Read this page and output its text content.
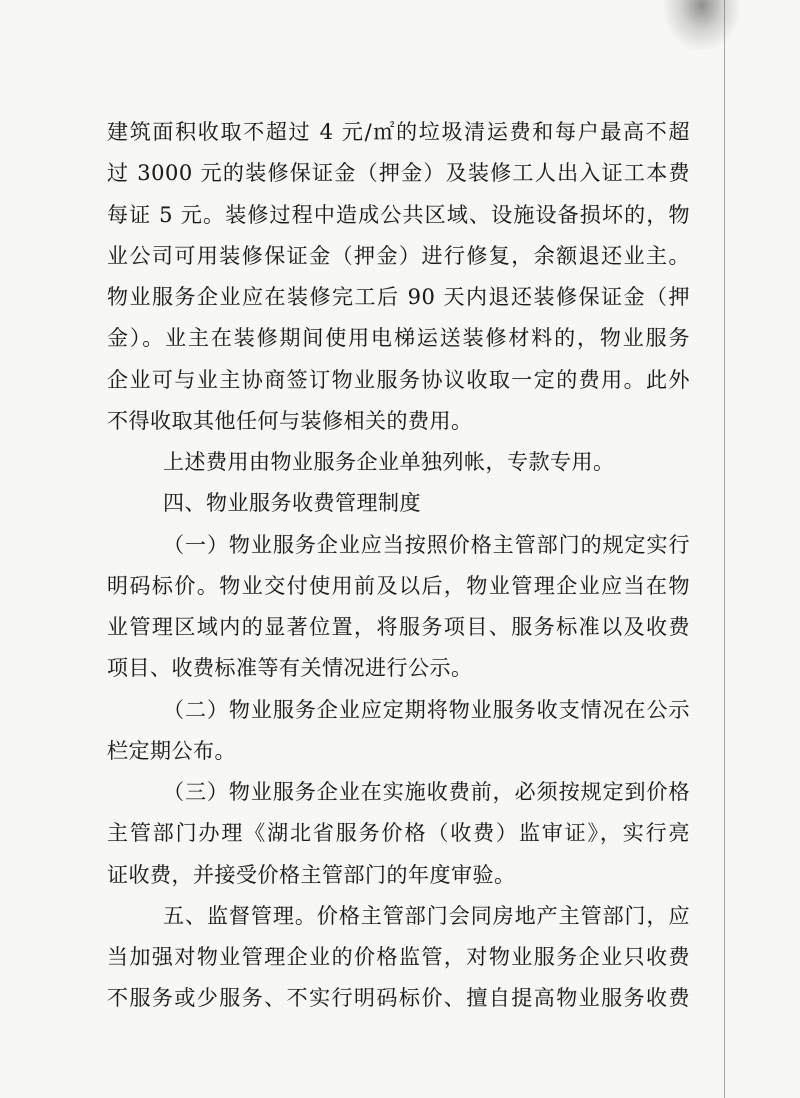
建筑面积收取不超过 4 元/㎡的垃圾清运费和每户最高不超
过 3000 元的装修保证金（押金）及装修工人出入证工本费
每证 5 元。装修过程中造成公共区域、设施设备损坏的，物
业公司可用装修保证金（押金）进行修复，余额退还业主。
物业服务企业应在装修完工后 90 天内退还装修保证金（押
金）。业主在装修期间使用电梯运送装修材料的，物业服务
企业可与业主协商签订物业服务协议收取一定的费用。此外
不得收取其他任何与装修相关的费用。
上述费用由物业服务企业单独列帐，专款专用。
四、物业服务收费管理制度
（一）物业服务企业应当按照价格主管部门的规定实行
明码标价。物业交付使用前及以后，物业管理企业应当在物
业管理区域内的显著位置，将服务项目、服务标准以及收费
项目、收费标准等有关情况进行公示。
（二）物业服务企业应定期将物业服务收支情况在公示
栏定期公布。
（三）物业服务企业在实施收费前，必须按规定到价格
主管部门办理《湖北省服务价格（收费）监审证》，实行亮
证收费，并接受价格主管部门的年度审验。
五、监督管理。价格主管部门会同房地产主管部门，应
当加强对物业管理企业的价格监管，对物业服务企业只收费
不服务或少服务、不实行明码标价、擅自提高物业服务收费
